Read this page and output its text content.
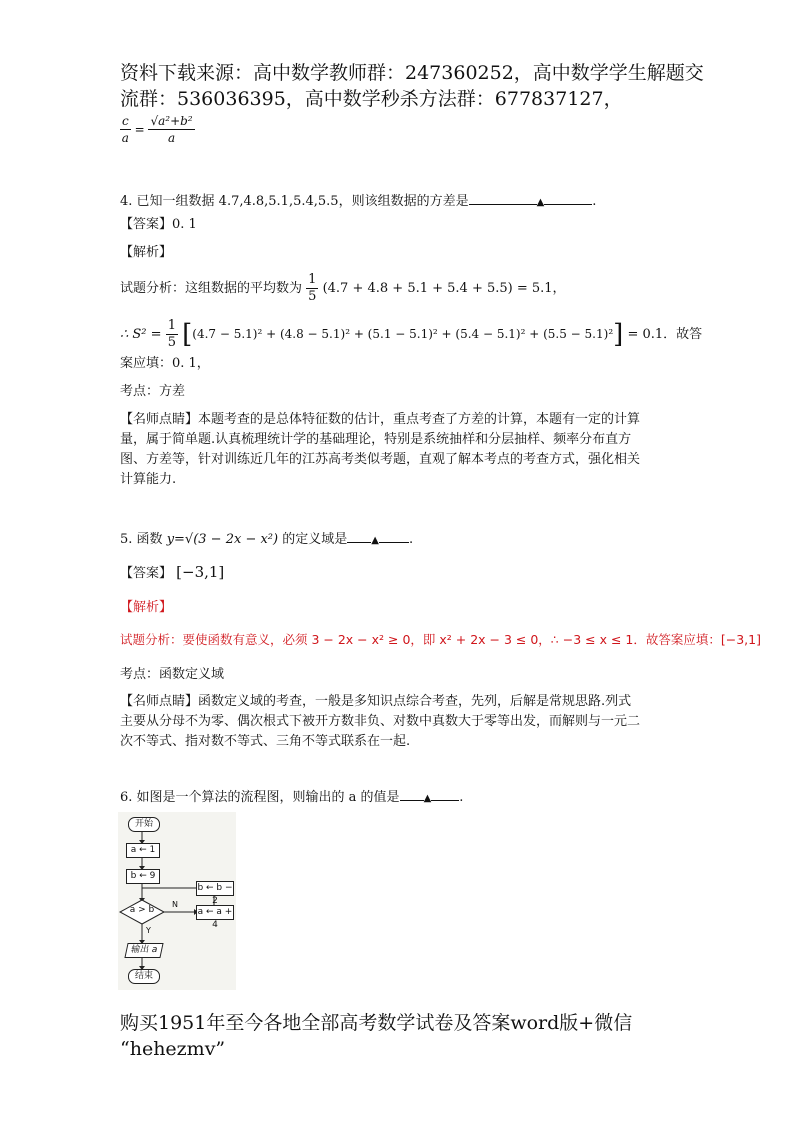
资料下载来源：高中数学教师群：247360252，高中数学学生解题交
流群：536036395，高中数学秒杀方法群：677837127，
$\frac{c}{a} = \frac{\text{√a²+b²}}{a}$
4. 已知一组数据 4.7,4.8,5.1,5.4,5.5，则该组数据的方差是	▲	.
【答案】0. 1
【解析】
试题分析：这组数据的平均数为 $\frac{1}{5} (4.7 + 4.8 + 5.1 + 5.4 + 5.5) = 5.1$，
∴ $S^2 = \frac{1}{5} [(4.7 - 5.1)^2 + (4.8 - 5.1)^2 + (5.1 - 5.1)^2 + (5.4 - 5.1)^2 + (5.5 - 5.1)^2] = 0.1$．故答
案应填：0. 1，
考点：方差
【名师点睛】本题考查的是总体特征数的估计，重点考查了方差的计算，本题有一定的计算
量，属于简单题.认真梳理统计学的基础理论，特别是系统抽样和分层抽样、频率分布直方
图、方差等，针对训练近几年的江苏高考类似考题，直观了解本考点的考查方式，强化相关
计算能力.
5. 函数 y=√(3 − 2x − x²) 的定义域是 ▲ .
【答案】 [−3,1]
【解析】
试题分析：要使函数有意义，必须 3 − 2x − x² ≥ 0，即 x² + 2x − 3 ≤ 0，∴ −3 ≤ x ≤ 1．故答案应填：[−3,1]
考点：函数定义域
【名师点睛】函数定义域的考查，一般是多知识点综合考查，先列，后解是常规思路.列式
主要从分母不为零、偶次根式下被开方数非负、对数中真数大于零等出发，而解则与一元二
次不等式、指对数不等式、三角不等式联系在一起.
6. 如图是一个算法的流程图，则输出的 a 的值是 ▲ .
开始
a ← 1
b ← 9
a > b
N
Y
a ← a + 4
b ← b − 2
输出 a
结束
购买1951年至今各地全部高考数学试卷及答案word版+微信
“hehezmv”
